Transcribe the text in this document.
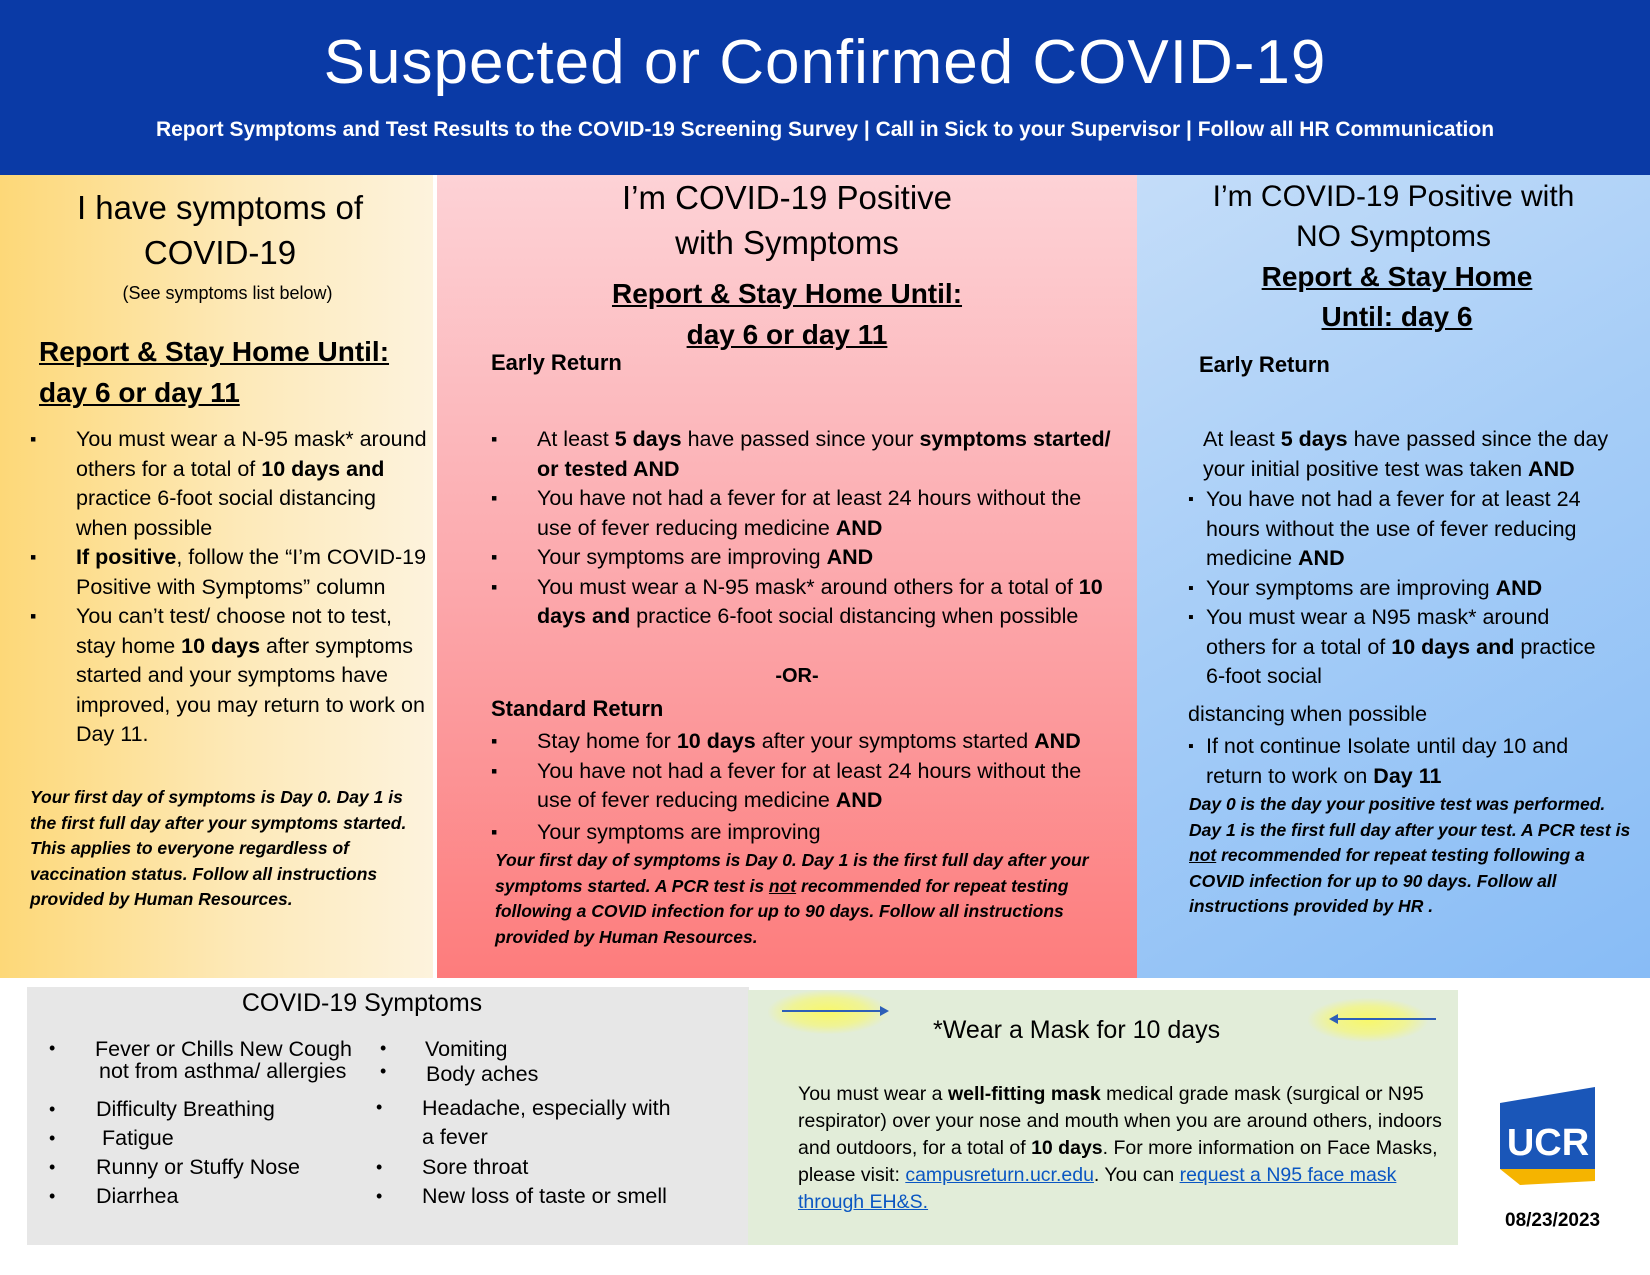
Suspected or Confirmed COVID-19
Report Symptoms and Test Results to the COVID-19 Screening Survey | Call in Sick to your Supervisor | Follow all HR Communication
I have symptoms of
COVID-19
(See symptoms list below)
Report & Stay Home Until:
day 6 or day 11
▪ You must wear a N-95 mask* around others for a total of 10 days and practice 6-foot social distancing when possible
▪ If positive, follow the “I’m COVID-19 Positive with Symptoms” column
▪ You can’t test/ choose not to test, stay home 10 days after symptoms started and your symptoms have improved, you may return to work on Day 11.
Your first day of symptoms is Day 0. Day 1 is the first full day after your symptoms started. This applies to everyone regardless of vaccination status. Follow all instructions provided by Human Resources.
I’m COVID-19 Positive
with Symptoms
Report & Stay Home Until:
day 6 or day 11
Early Return
▪ At least 5 days have passed since your symptoms started/ or tested AND
▪ You have not had a fever for at least 24 hours without the use of fever reducing medicine AND
▪ Your symptoms are improving AND
▪ You must wear a N-95 mask* around others for a total of 10 days and practice 6-foot social distancing when possible
-OR-
Standard Return
▪ Stay home for 10 days after your symptoms started AND
▪ You have not had a fever for at least 24 hours without the use of fever reducing medicine AND
▪ Your symptoms are improving
Your first day of symptoms is Day 0. Day 1 is the first full day after your symptoms started. A PCR test is not recommended for repeat testing following a COVID infection for up to 90 days. Follow all instructions provided by Human Resources.
I’m COVID-19 Positive with
NO Symptoms
Report & Stay Home
Until: day 6
Early Return
At least 5 days have passed since the day your initial positive test was taken AND
▪ You have not had a fever for at least 24 hours without the use of fever reducing medicine AND
▪ Your symptoms are improving AND
▪ You must wear a N95 mask* around others for a total of 10 days and practice 6-foot social
distancing when possible
▪ If not continue Isolate until day 10 and return to work on Day 11
Day 0 is the day your positive test was performed. Day 1 is the first full day after your test. A PCR test is not recommended for repeat testing following a COVID infection for up to 90 days. Follow all instructions provided by HR .
COVID-19 Symptoms
• Fever or Chills New Cough
not from asthma/ allergies
• Difficulty Breathing
• Fatigue
• Runny or Stuffy Nose
• Diarrhea
• Vomiting
• Body aches
• Headache, especially with
a fever
• Sore throat
• New loss of taste or smell
*Wear a Mask for 10 days
You must wear a well-fitting mask medical grade mask (surgical or N95 respirator) over your nose and mouth when you are around others, indoors and outdoors, for a total of 10 days. For more information on Face Masks, please visit: campusreturn.ucr.edu. You can request a N95 face mask through EH&S.
UCR
08/23/2023
